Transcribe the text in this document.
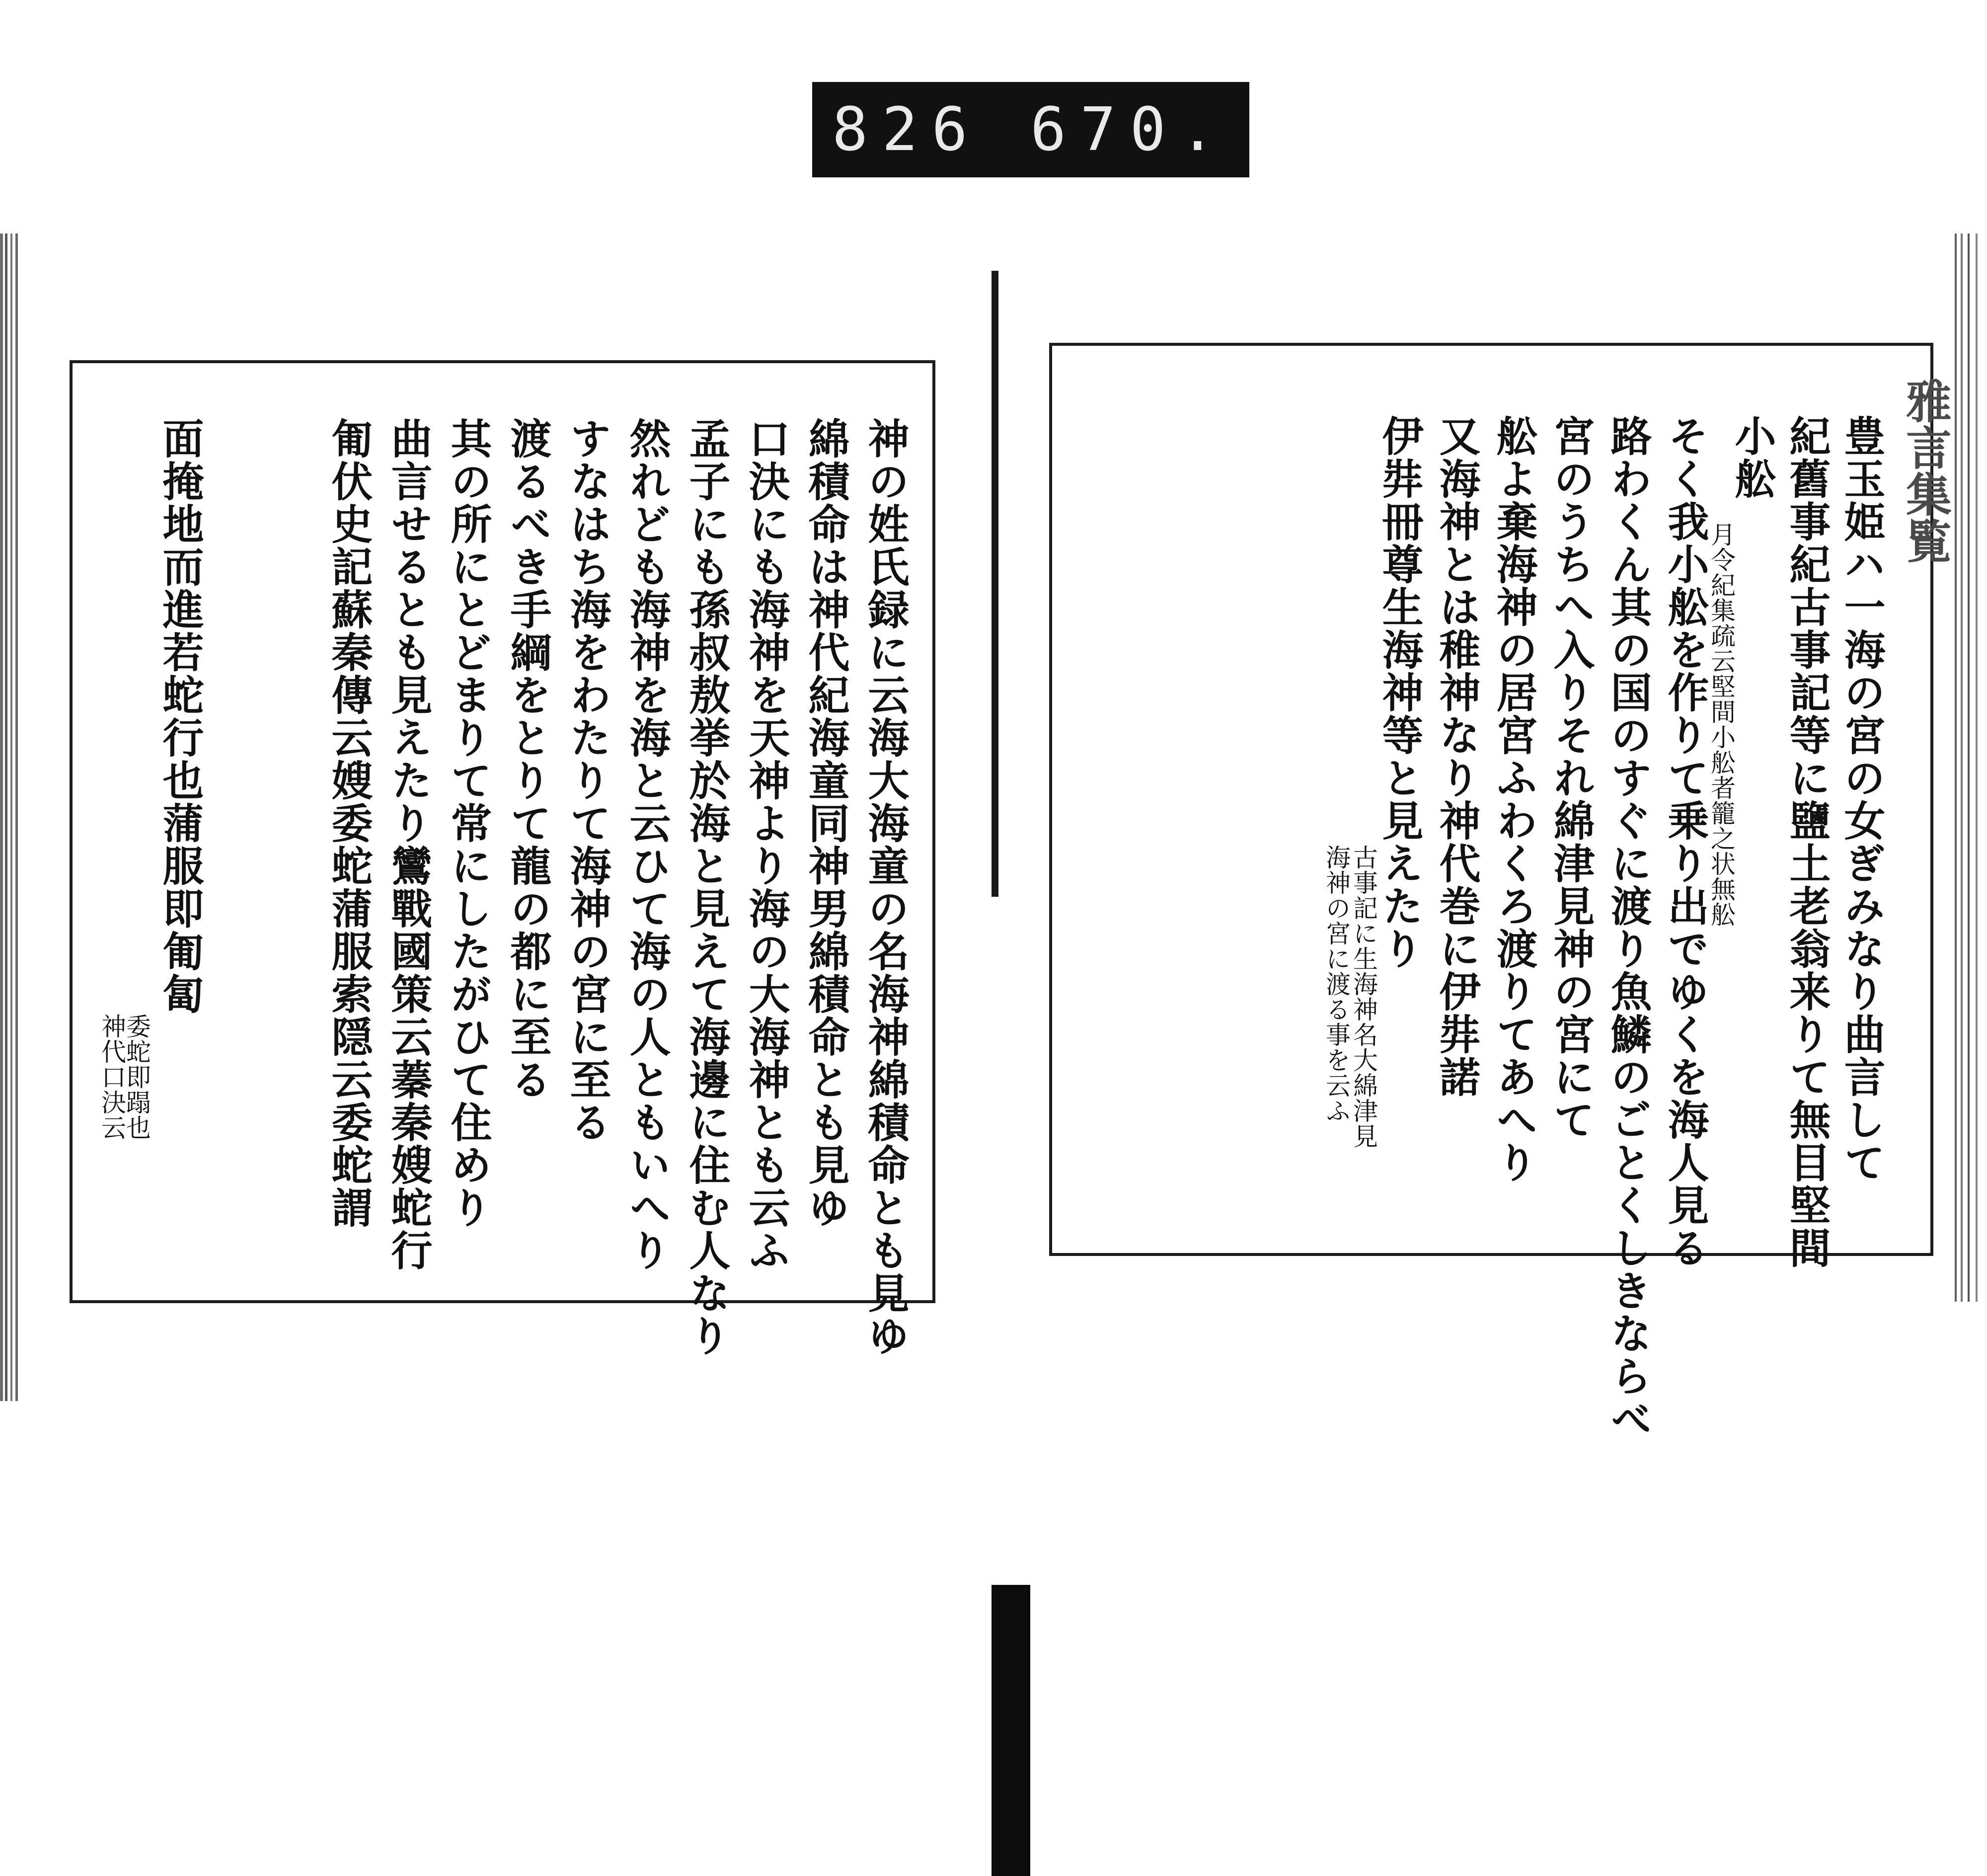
826 670.
雅言集覧
豊玉姫ハ一海の宮の女ぎみなり曲言して
紀舊事紀古事記等に鹽土老翁来りて無目堅間
小舩
月令紀集疏云堅間小舩者籠之状無舩
そく我小舩を作りて乗り出でゆくを海人見る
路わくん其の国のすぐに渡り魚鱗のごとくしきならべ
宮のうちへ入りそれ綿津見神の宮にて
舩よ棄海神の居宮ふわくろ渡りてあへり
又海神とは稚神なり神代巻に伊弉諾
伊弉冊尊生海神等と見えたり
古事記に生海神名大綿津見
海神の宮に渡る事を云ふ
神の姓氏録に云海大海童の名海神綿積命とも見ゆ
綿積命は神代紀海童同神男綿積命とも見ゆ
口決にも海神を天神より海の大海神とも云ふ
孟子にも孫叔敖挙於海と見えて海邊に住む人なり
然れども海神を海と云ひて海の人ともいへり
すなはち海をわたりて海神の宮に至る
渡るべき手綱をとりて龍の都に至る
其の所にとどまりて常にしたがひて住めり
曲言せるとも見えたり鸞戰國策云蓁秦嫂蛇行
匍伏史記蘇秦傳云嫂委蛇蒲服索隠云委蛇謂
面掩地而進若蛇行也蒲服即匍匐
委蛇即蹋也
神代口決云
